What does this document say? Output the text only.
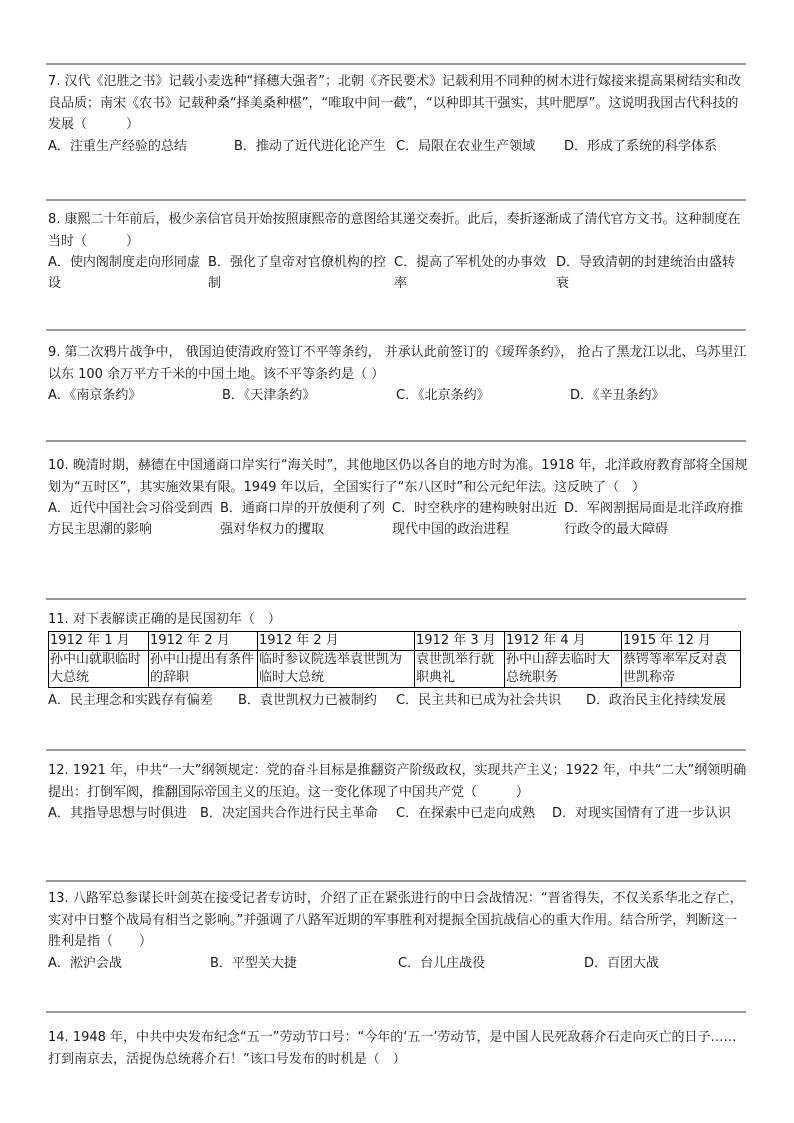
7. 汉代《氾胜之书》记载小麦选种“择穗大强者”；北朝《齐民要术》记载利用不同种的树木进行嫁接来提高果树结实和改良品质；南宋《农书》记载种桑“择美桑种椹”，“唯取中间一截”，“以种即其干强实，其叶肥厚”。这说明我国古代科技的发展（　　　）

A．注重生产经验的总结	B．推动了近代进化论产生 C．局限在农业生产领域	D．形成了系统的科学体系

8. 康熙二十年前后，极少亲信官员开始按照康熙帝的意图给其递交奏折。此后，奏折逐渐成了清代官方文书。这种制度在当时（　　　）

A．使内阁制度走向形同虚设
B．强化了皇帝对官僚机构的控制
C．提高了军机处的办事效率
D．导致清朝的封建统治由盛转衰

9. 第二次鸦片战争中， 俄国迫使清政府签订不平等条约， 并承认此前签订的《瑷珲条约》， 抢占了黑龙江以北、乌苏里江以东 100 余万平方千米的中国土地。该不平等条约是（ ）

A．《南京条约》	B．《天津条约》	C．《北京条约》	D．《辛丑条约》

10. 晚清时期，赫德在中国通商口岸实行“海关时”，其他地区仍以各自的地方时为准。1918 年，北洋政府教育部将全国规划为“五时区”，其实施效果有限。1949 年以后，全国实行了“东八区时”和公元纪年法。这反映了（　）

A．近代中国社会习俗受到西方民主思潮的影响
B．通商口岸的开放便利了列强对华权力的攫取
C．时空秩序的建构映射出近现代中国的政治进程
D．军阀割据局面是北洋政府推行政令的最大障碍

11. 对下表解读正确的是民国初年（　）

1912 年 1 月	1912 年 2 月	1912 年 2 月	1912 年 3 月	1912 年 4 月	1915 年 12 月
孙中山就职临时大总统	孙中山提出有条件的辞职	临时参议院选举袁世凯为临时大总统	袁世凯举行就职典礼	孙中山辞去临时大总统职务	蔡锷等率军反对袁世凯称帝
A．民主理念和实践存有偏差	B．袁世凯权力已被制约	C．民主共和已成为社会共识	D．政治民主化持续发展

12. 1921 年，中共“一大”纲领规定：党的奋斗目标是推翻资产阶级政权，实现共产主义；1922 年，中共“二大”纲领明确提出：打倒军阀，推翻国际帝国主义的压迫。这一变化体现了中国共产党（　　　）

A．其指导思想与时俱进	B．决定国共合作进行民主革命	C．在探索中已走向成熟	D．对现实国情有了进一步认识

13. 八路军总参谋长叶剑英在接受记者专访时，介绍了正在紧张进行的中日会战情况：“晋省得失，不仅关系华北之存亡，实对中日整个战局有相当之影响。”并强调了八路军近期的军事胜利对提振全国抗战信心的重大作用。结合所学，判断这一胜利是指（　　）

A．淞沪会战	B．平型关大捷	C．台儿庄战役	D．百团大战

14. 1948 年，中共中央发布纪念“五一”劳动节口号：“今年的‘五一’劳动节，是中国人民死敌蒋介石走向灭亡的日子……打到南京去，活捉伪总统蒋介石！”该口号发布的时机是（　）
